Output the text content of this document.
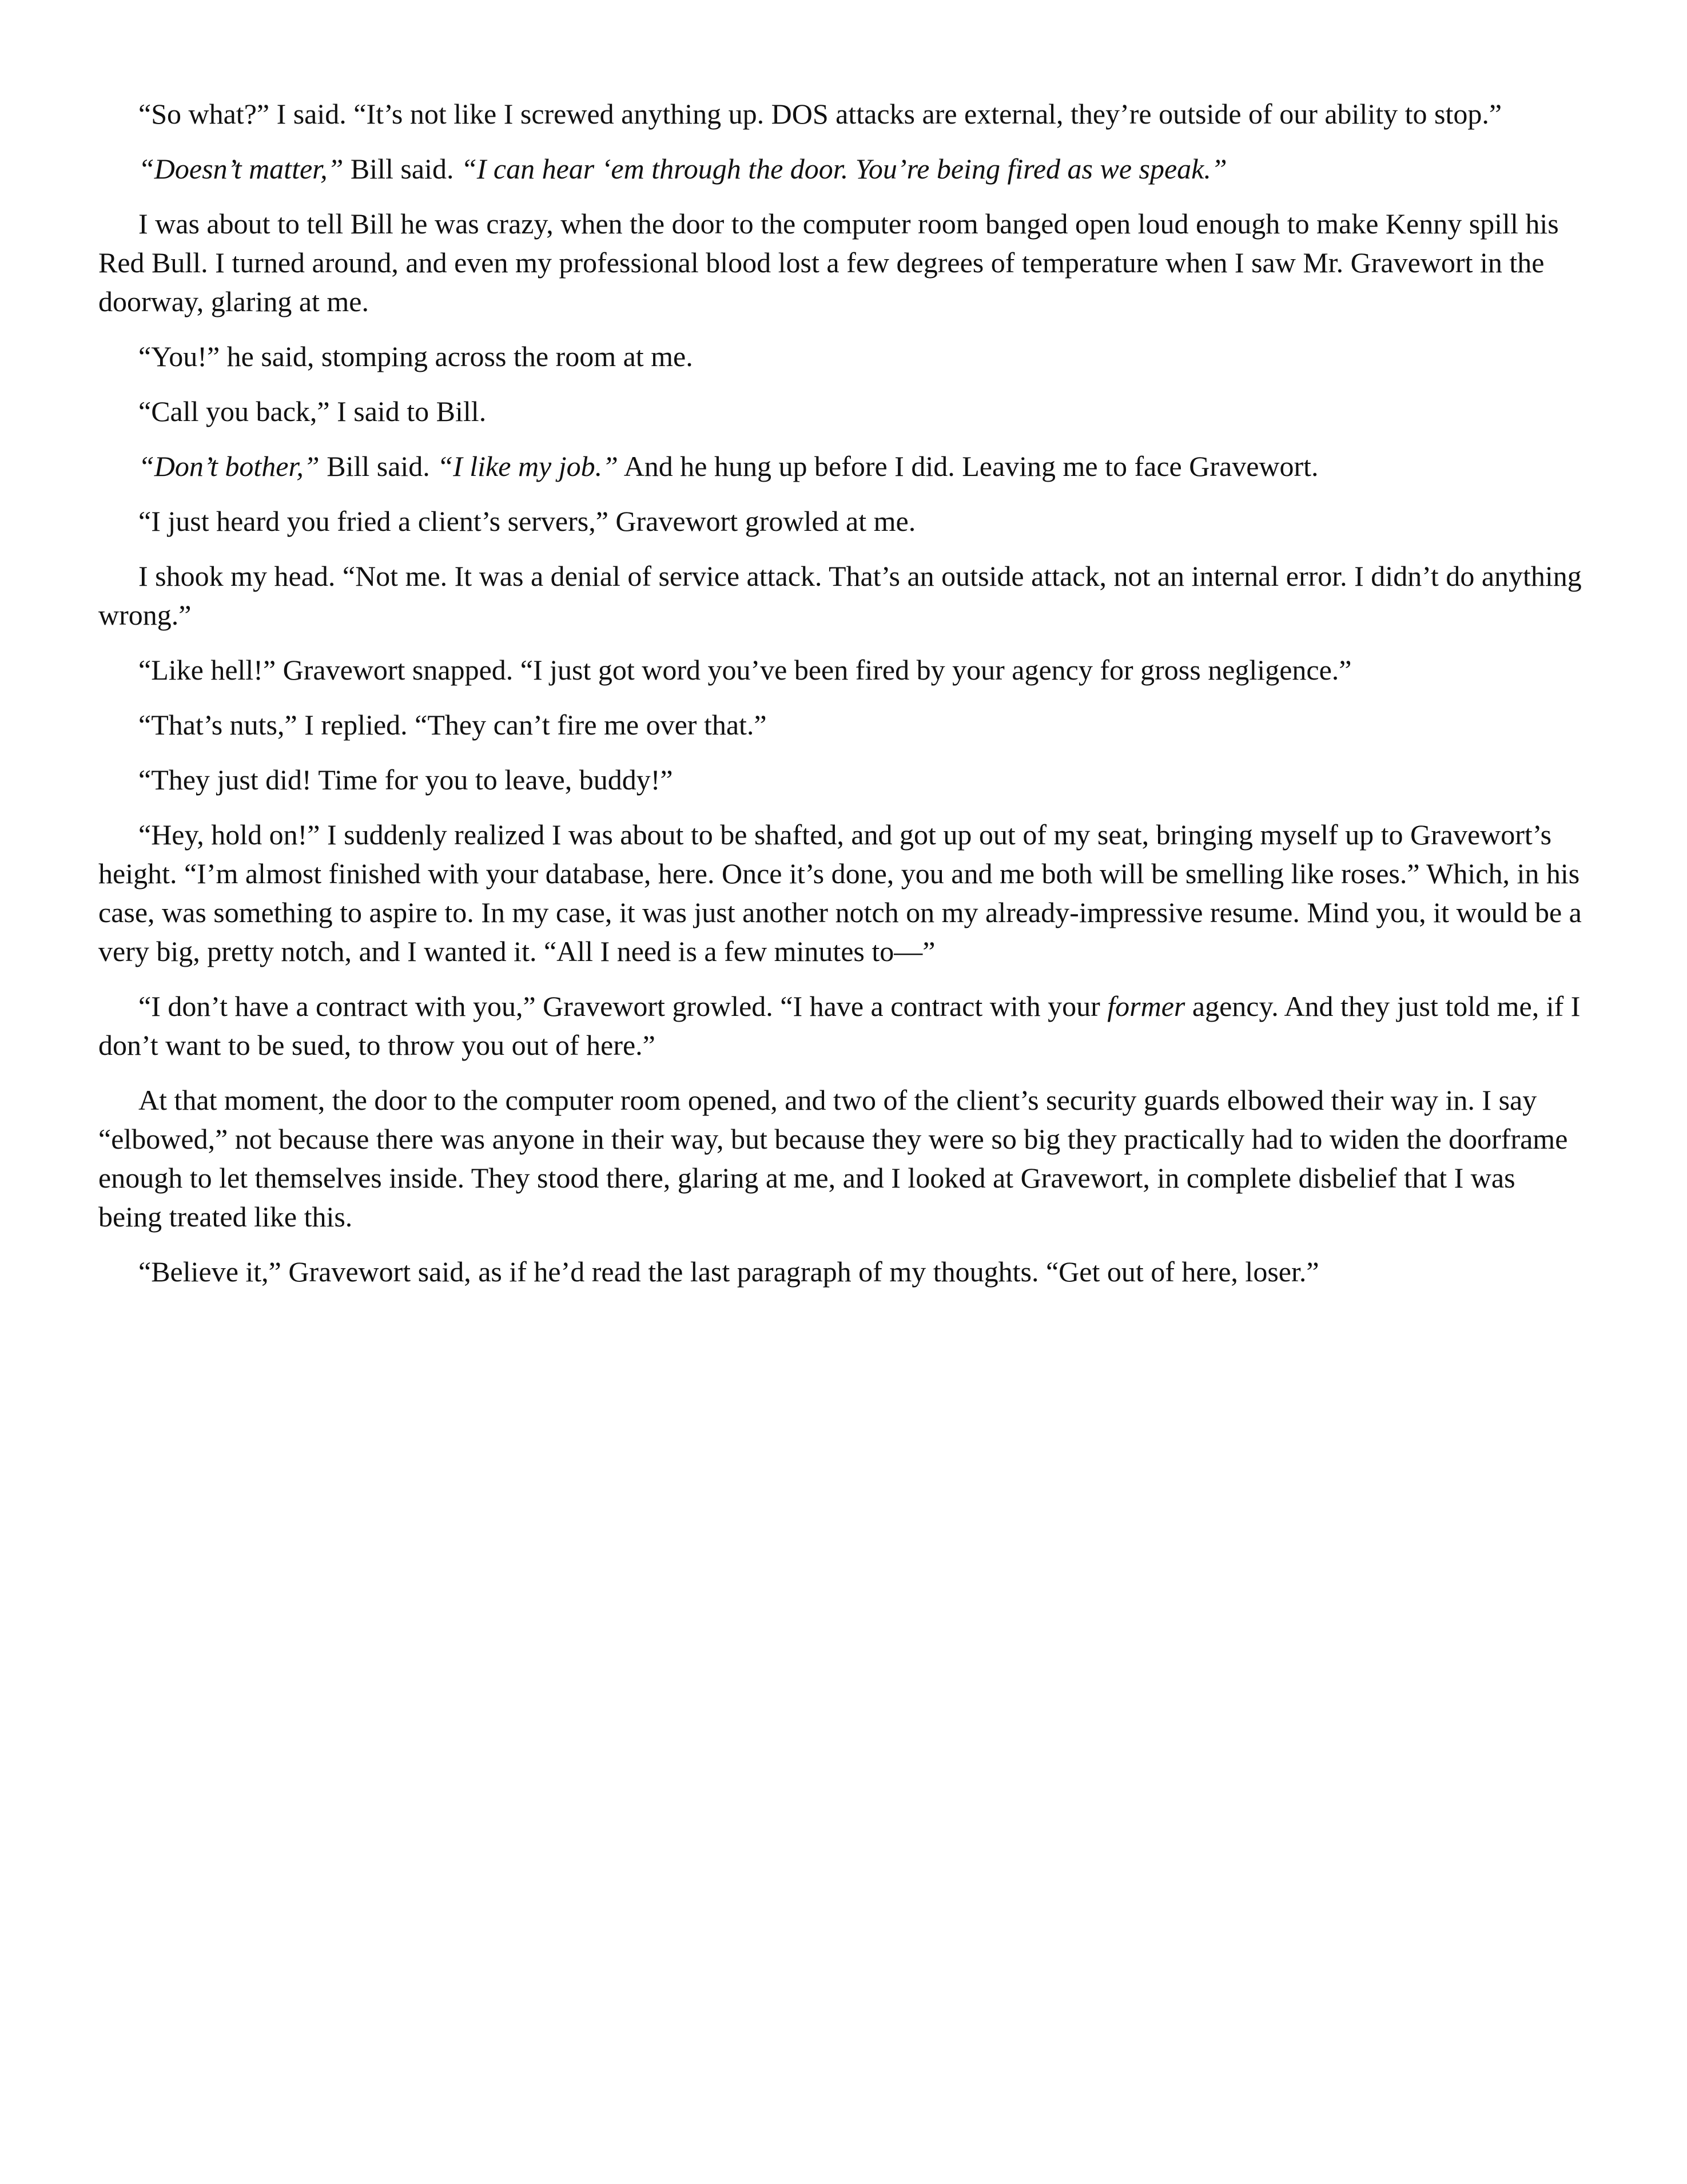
“So what?” I said. “It’s not like I screwed anything up. DOS attacks are external, they’re outside of our ability to stop.”

“Doesn’t matter,” Bill said. “I can hear ‘em through the door. You’re being fired as we speak.”

I was about to tell Bill he was crazy, when the door to the computer room banged open loud enough to make Kenny spill his Red Bull. I turned around, and even my professional blood lost a few degrees of temperature when I saw Mr. Gravewort in the doorway, glaring at me.

“You!” he said, stomping across the room at me.

“Call you back,” I said to Bill.

“Don’t bother,” Bill said. “I like my job.” And he hung up before I did. Leaving me to face Gravewort.

“I just heard you fried a client’s servers,” Gravewort growled at me.

I shook my head. “Not me. It was a denial of service attack. That’s an outside attack, not an internal error. I didn’t do anything wrong.”

“Like hell!” Gravewort snapped. “I just got word you’ve been fired by your agency for gross negligence.”

“That’s nuts,” I replied. “They can’t fire me over that.”

“They just did! Time for you to leave, buddy!”

“Hey, hold on!” I suddenly realized I was about to be shafted, and got up out of my seat, bringing myself up to Gravewort’s height. “I’m almost finished with your database, here. Once it’s done, you and me both will be smelling like roses.” Which, in his case, was something to aspire to. In my case, it was just another notch on my already-impressive resume. Mind you, it would be a very big, pretty notch, and I wanted it. “All I need is a few minutes to—”

“I don’t have a contract with you,” Gravewort growled. “I have a contract with your former agency. And they just told me, if I don’t want to be sued, to throw you out of here.”

At that moment, the door to the computer room opened, and two of the client’s security guards elbowed their way in. I say “elbowed,” not because there was anyone in their way, but because they were so big they practically had to widen the doorframe enough to let themselves inside. They stood there, glaring at me, and I looked at Gravewort, in complete disbelief that I was being treated like this.

“Believe it,” Gravewort said, as if he’d read the last paragraph of my thoughts. “Get out of here, loser.”
